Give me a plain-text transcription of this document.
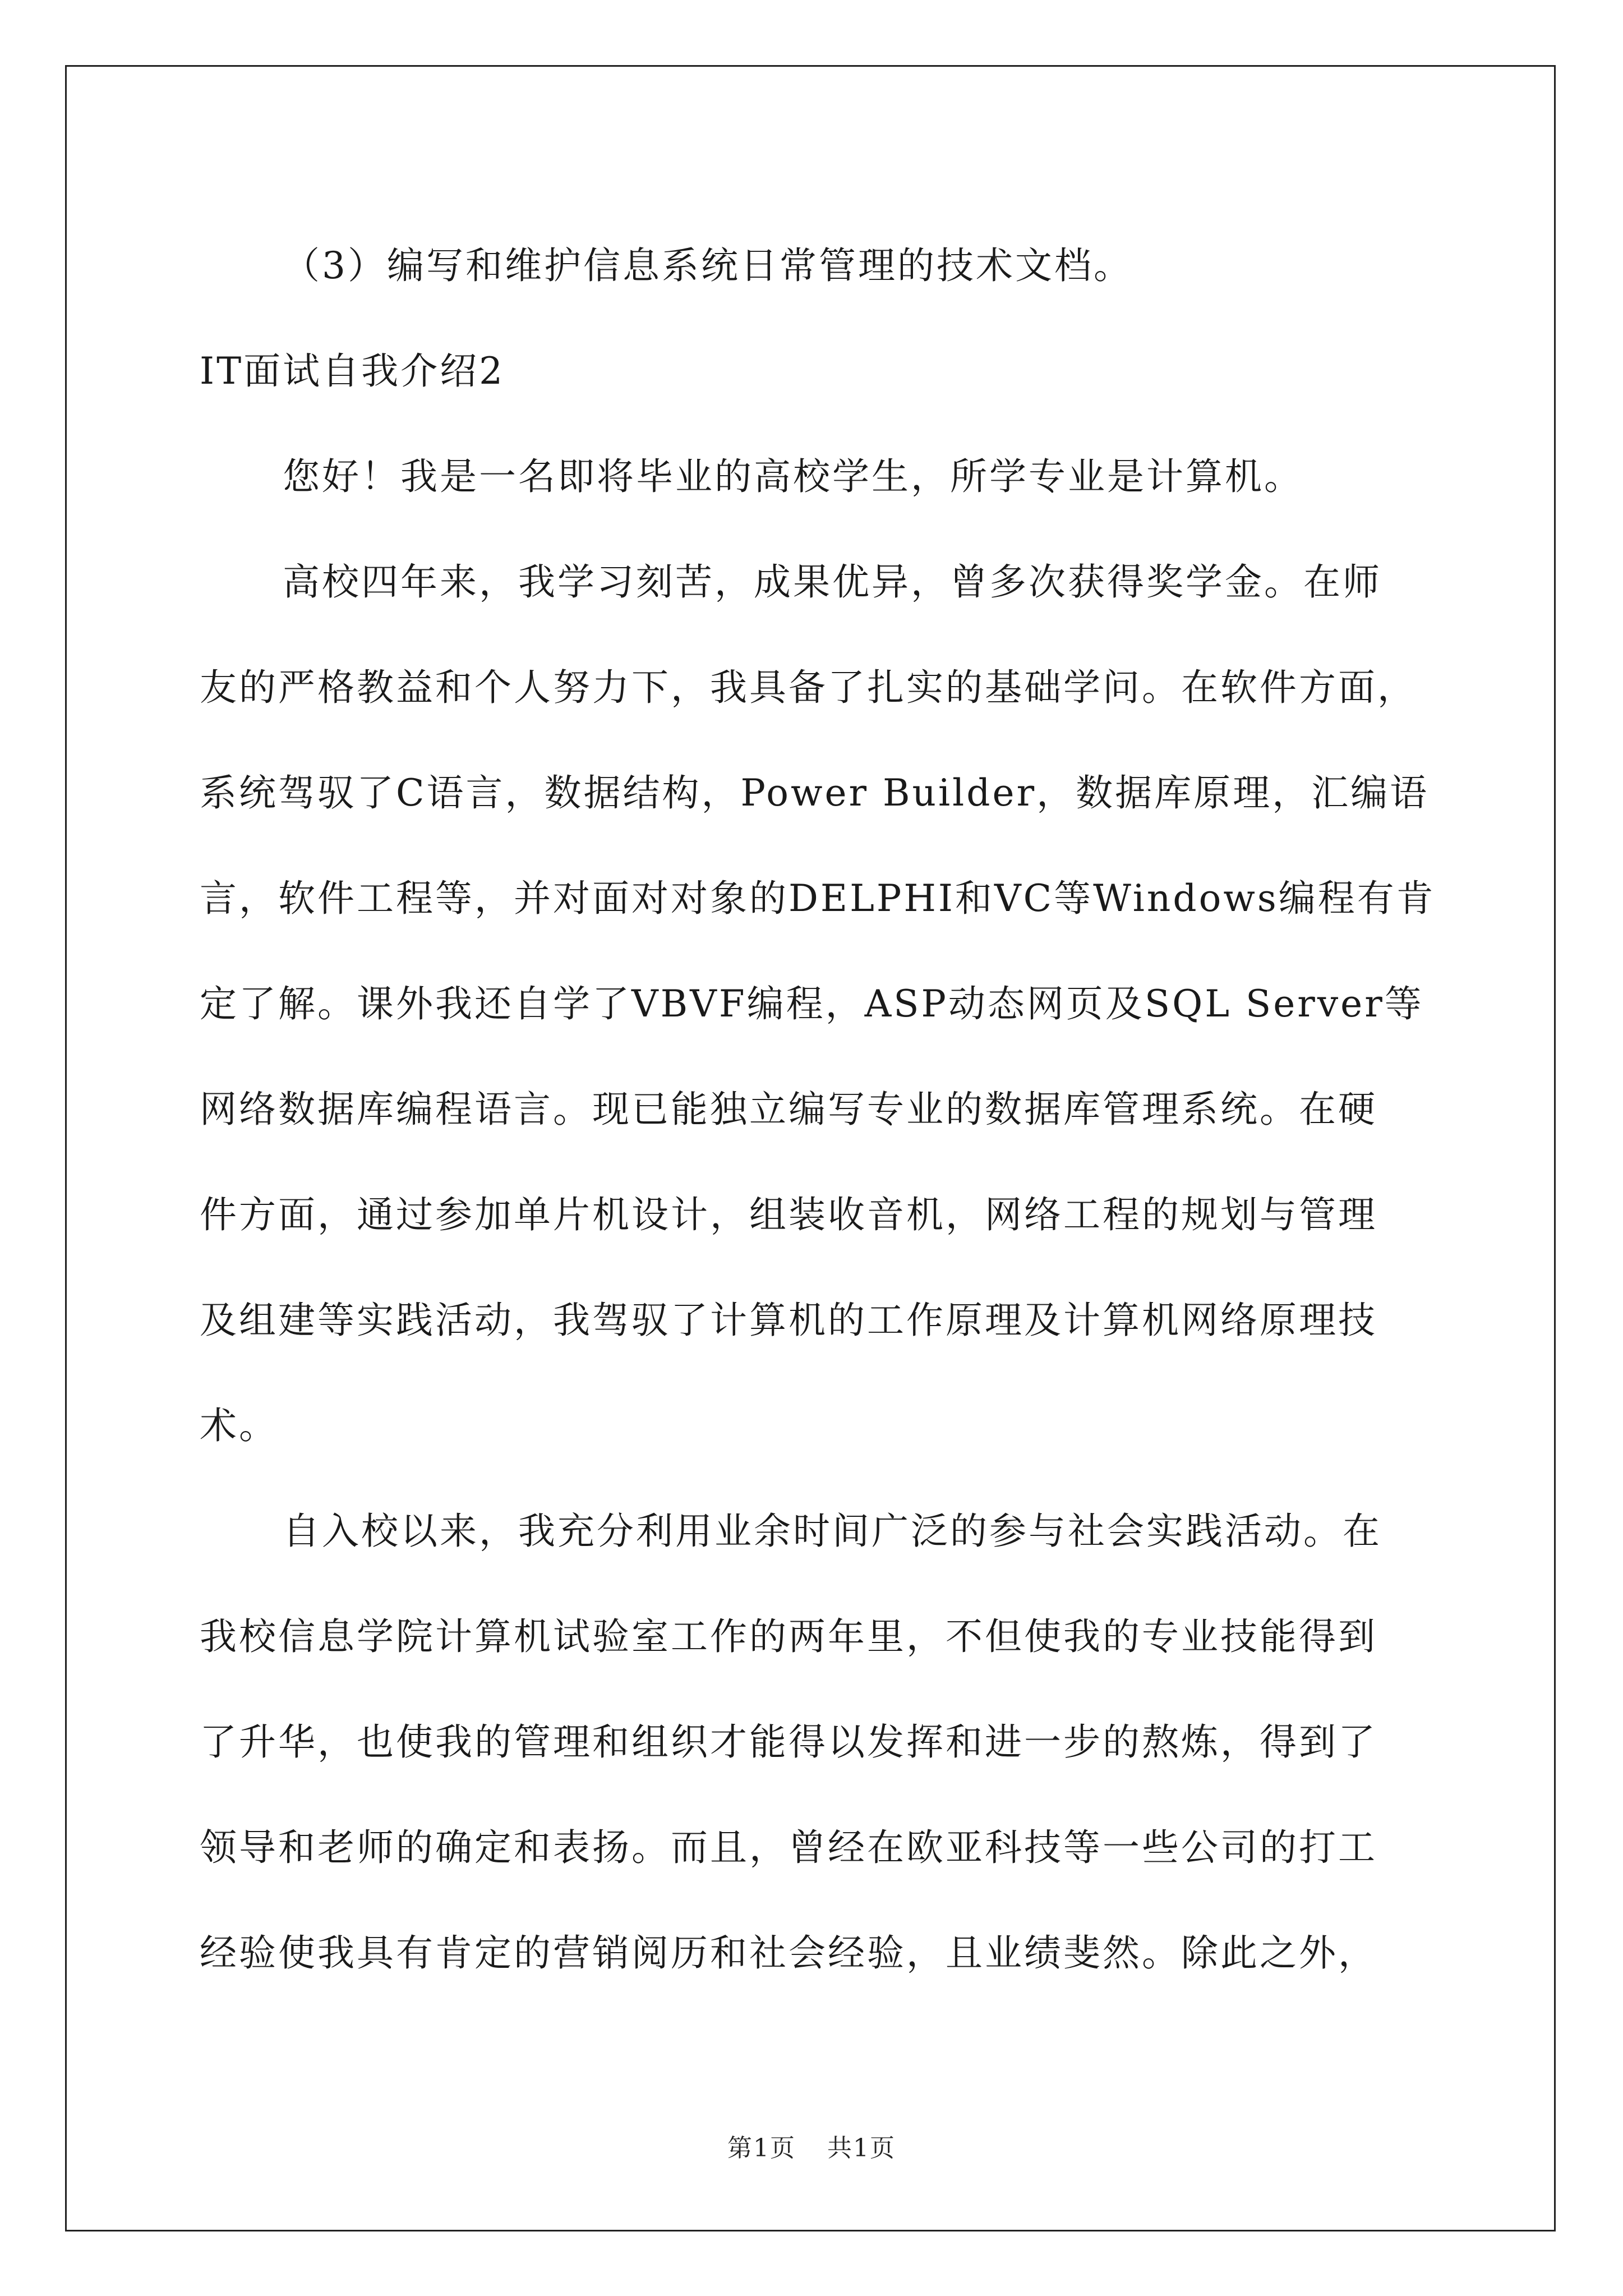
（3）编写和维护信息系统日常管理的技术文档。
IT面试自我介绍2
您好！我是一名即将毕业的高校学生，所学专业是计算机。
高校四年来，我学习刻苦，成果优异，曾多次获得奖学金。在师
友的严格教益和个人努力下，我具备了扎实的基础学问。在软件方面，
系统驾驭了C语言，数据结构，Power Builder，数据库原理，汇编语
言，软件工程等，并对面对对象的DELPHI和VC等Windows编程有肯
定了解。课外我还自学了VBVF编程，ASP动态网页及SQL Server等
网络数据库编程语言。现已能独立编写专业的数据库管理系统。在硬
件方面，通过参加单片机设计，组装收音机，网络工程的规划与管理
及组建等实践活动，我驾驭了计算机的工作原理及计算机网络原理技
术。
自入校以来，我充分利用业余时间广泛的参与社会实践活动。在
我校信息学院计算机试验室工作的两年里，不但使我的专业技能得到
了升华，也使我的管理和组织才能得以发挥和进一步的熬炼，得到了
领导和老师的确定和表扬。而且，曾经在欧亚科技等一些公司的打工
经验使我具有肯定的营销阅历和社会经验，且业绩斐然。除此之外，
第1页 共1页
